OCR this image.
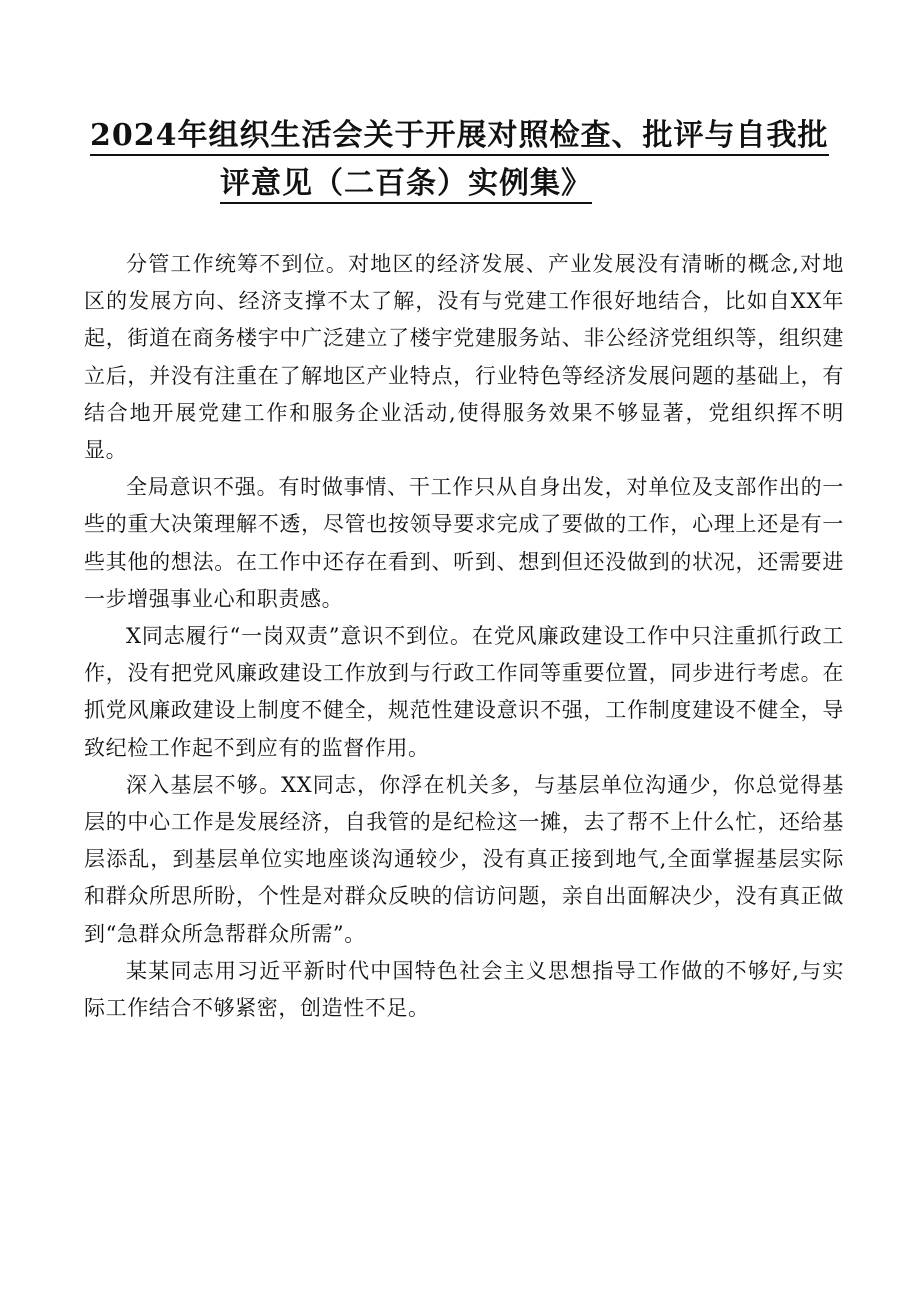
2024年组织生活会关于开展对照检查、批评与自我批
评意见（二百条）实例集》

分管工作统筹不到位。对地区的经济发展、产业发展没有清晰的概念,对地区的发展方向、经济支撑不太了解，没有与党建工作很好地结合，比如自XX年起，街道在商务楼宇中广泛建立了楼宇党建服务站、非公经济党组织等，组织建立后，并没有注重在了解地区产业特点，行业特色等经济发展问题的基础上，有结合地开展党建工作和服务企业活动,使得服务效果不够显著，党组织挥不明显。

全局意识不强。有时做事情、干工作只从自身出发，对单位及支部作出的一些的重大决策理解不透，尽管也按领导要求完成了要做的工作，心理上还是有一些其他的想法。在工作中还存在看到、听到、想到但还没做到的状况，还需要进一步增强事业心和职责感。

X同志履行“一岗双责”意识不到位。在党风廉政建设工作中只注重抓行政工作，没有把党风廉政建设工作放到与行政工作同等重要位置，同步进行考虑。在抓党风廉政建设上制度不健全，规范性建设意识不强，工作制度建设不健全，导致纪检工作起不到应有的监督作用。

深入基层不够。XX同志，你浮在机关多，与基层单位沟通少，你总觉得基层的中心工作是发展经济，自我管的是纪检这一摊，去了帮不上什么忙，还给基层添乱，到基层单位实地座谈沟通较少，没有真正接到地气,全面掌握基层实际和群众所思所盼，个性是对群众反映的信访问题，亲自出面解决少，没有真正做到“急群众所急帮群众所需”。

某某同志用习近平新时代中国特色社会主义思想指导工作做的不够好,与实际工作结合不够紧密，创造性不足。
